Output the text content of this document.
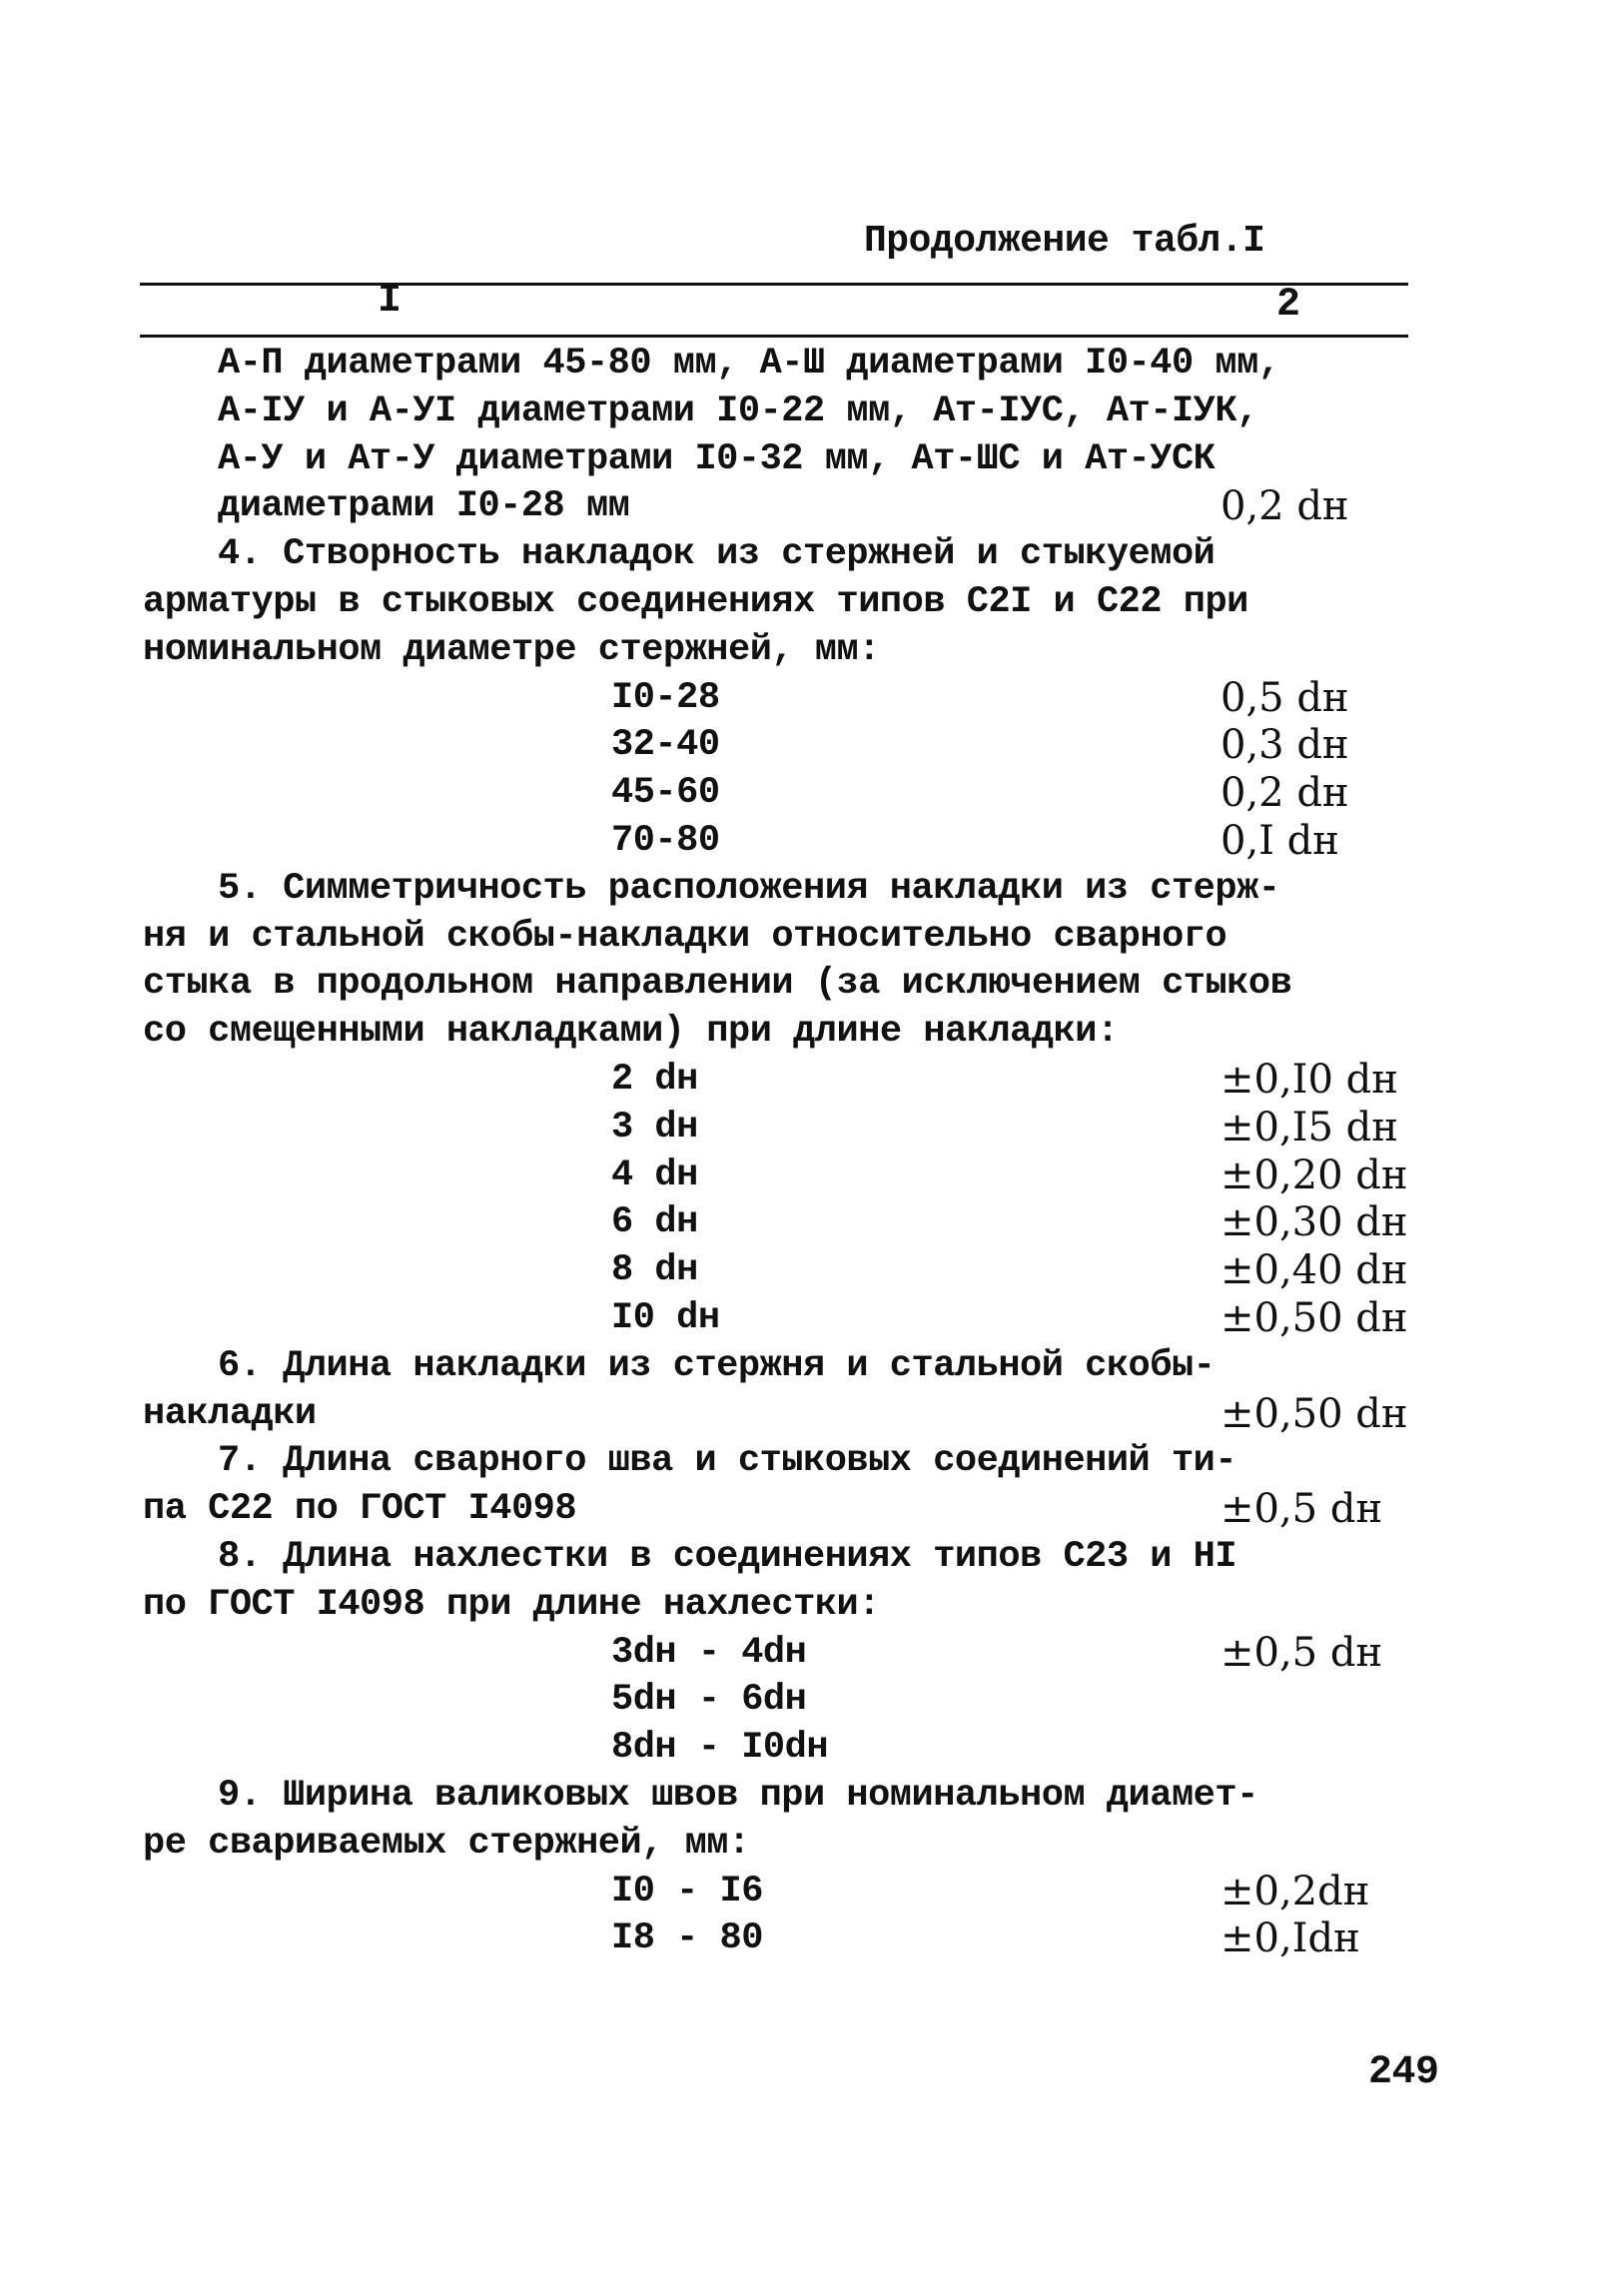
Продолжение табл.I
I	2
А-П диаметрами 45-80 мм, А-Ш диаметрами I0-40 мм,
А-IУ и А-УI диаметрами I0-22 мм, Ат-IУС, Ат-IУК,
А-У и Ат-У диаметрами I0-32 мм, Ат-ШС и Ат-УСК
диаметрами I0-28 мм	0,2 dн
4. Створность накладок из стержней и стыкуемой
арматуры в стыковых соединениях типов С2I и С22 при
номинальном диаметре стержней, мм:
I0-28	0,5 dн
32-40	0,3 dн
45-60	0,2 dн
70-80	0,I dн
5. Симметричность расположения накладки из стерж-
ня и стальной скобы-накладки относительно сварного
стыка в продольном направлении (за исключением стыков
со смещенными накладками) при длине накладки:
2 dн	±0,I0 dн
3 dн	±0,I5 dн
4 dн	±0,20 dн
6 dн	±0,30 dн
8 dн	±0,40 dн
I0 dн	±0,50 dн
6. Длина накладки из стержня и стальной скобы-
накладки	±0,50 dн
7. Длина сварного шва и стыковых соединений ти-
па С22 по ГОСТ I4098	±0,5 dн
8. Длина нахлестки в соединениях типов С23 и НI
по ГОСТ I4098 при длине нахлестки:
3dн - 4dн	±0,5 dн
5dн - 6dн
8dн - I0dн
9. Ширина валиковых швов при номинальном диамет-
ре свариваемых стержней, мм:
I0 - I6	±0,2dн
I8 - 80	±0,Idн
249
